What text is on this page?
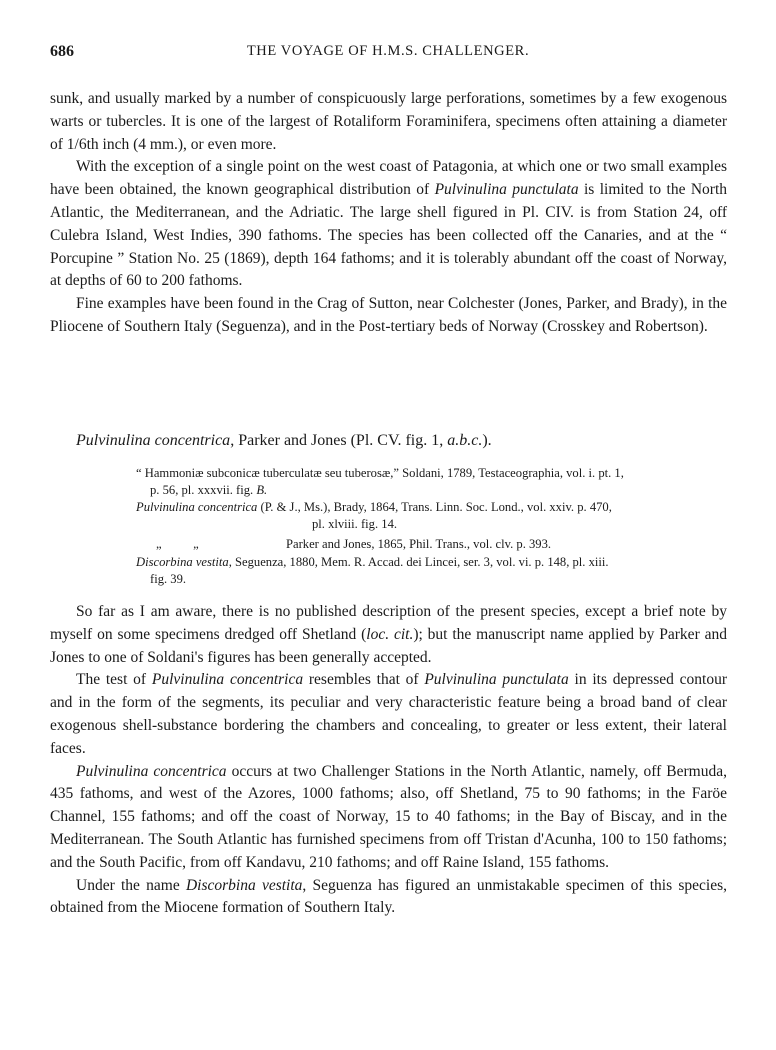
686	THE VOYAGE OF H.M.S. CHALLENGER.

sunk, and usually marked by a number of conspicuously large perforations, sometimes by a few exogenous warts or tubercles. It is one of the largest of Rotaliform Foraminifera, specimens often attaining a diameter of 1/6th inch (4 mm.), or even more.

With the exception of a single point on the west coast of Patagonia, at which one or two small examples have been obtained, the known geographical distribution of Pulvinulina punctulata is limited to the North Atlantic, the Mediterranean, and the Adriatic. The large shell figured in Pl. CIV. is from Station 24, off Culebra Island, West Indies, 390 fathoms. The species has been collected off the Canaries, and at the “ Porcupine ” Station No. 25 (1869), depth 164 fathoms; and it is tolerably abundant off the coast of Norway, at depths of 60 to 200 fathoms.

Fine examples have been found in the Crag of Sutton, near Colchester (Jones, Parker, and Brady), in the Pliocene of Southern Italy (Seguenza), and in the Post-tertiary beds of Norway (Crosskey and Robertson).

Pulvinulina concentrica, Parker and Jones (Pl. CV. fig. 1, a.b.c.).
“ Hammoniæ subconicæ tuberculatæ seu tuberosæ,” Soldani, 1789, Testaceographia, vol. i. pt. 1,
p. 56, pl. xxxvii. fig. B.
Pulvinulina concentrica (P. & J., Ms.), Brady, 1864, Trans. Linn. Soc. Lond., vol. xxiv. p. 470,
pl. xlviii. fig. 14.
„          „	Parker and Jones, 1865, Phil. Trans., vol. clv. p. 393.
Discorbina vestita, Seguenza, 1880, Mem. R. Accad. dei Lincei, ser. 3, vol. vi. p. 148, pl. xiii.
fig. 39.

So far as I am aware, there is no published description of the present species, except a brief note by myself on some specimens dredged off Shetland (loc. cit.); but the manuscript name applied by Parker and Jones to one of Soldani's figures has been generally accepted.

The test of Pulvinulina concentrica resembles that of Pulvinulina punctulata in its depressed contour and in the form of the segments, its peculiar and very characteristic feature being a broad band of clear exogenous shell-substance bordering the chambers and concealing, to greater or less extent, their lateral faces.

Pulvinulina concentrica occurs at two Challenger Stations in the North Atlantic, namely, off Bermuda, 435 fathoms, and west of the Azores, 1000 fathoms; also, off Shetland, 75 to 90 fathoms; in the Faröe Channel, 155 fathoms; and off the coast of Norway, 15 to 40 fathoms; in the Bay of Biscay, and in the Mediterranean. The South Atlantic has furnished specimens from off Tristan d'Acunha, 100 to 150 fathoms; and the South Pacific, from off Kandavu, 210 fathoms; and off Raine Island, 155 fathoms.

Under the name Discorbina vestita, Seguenza has figured an unmistakable specimen of this species, obtained from the Miocene formation of Southern Italy.
